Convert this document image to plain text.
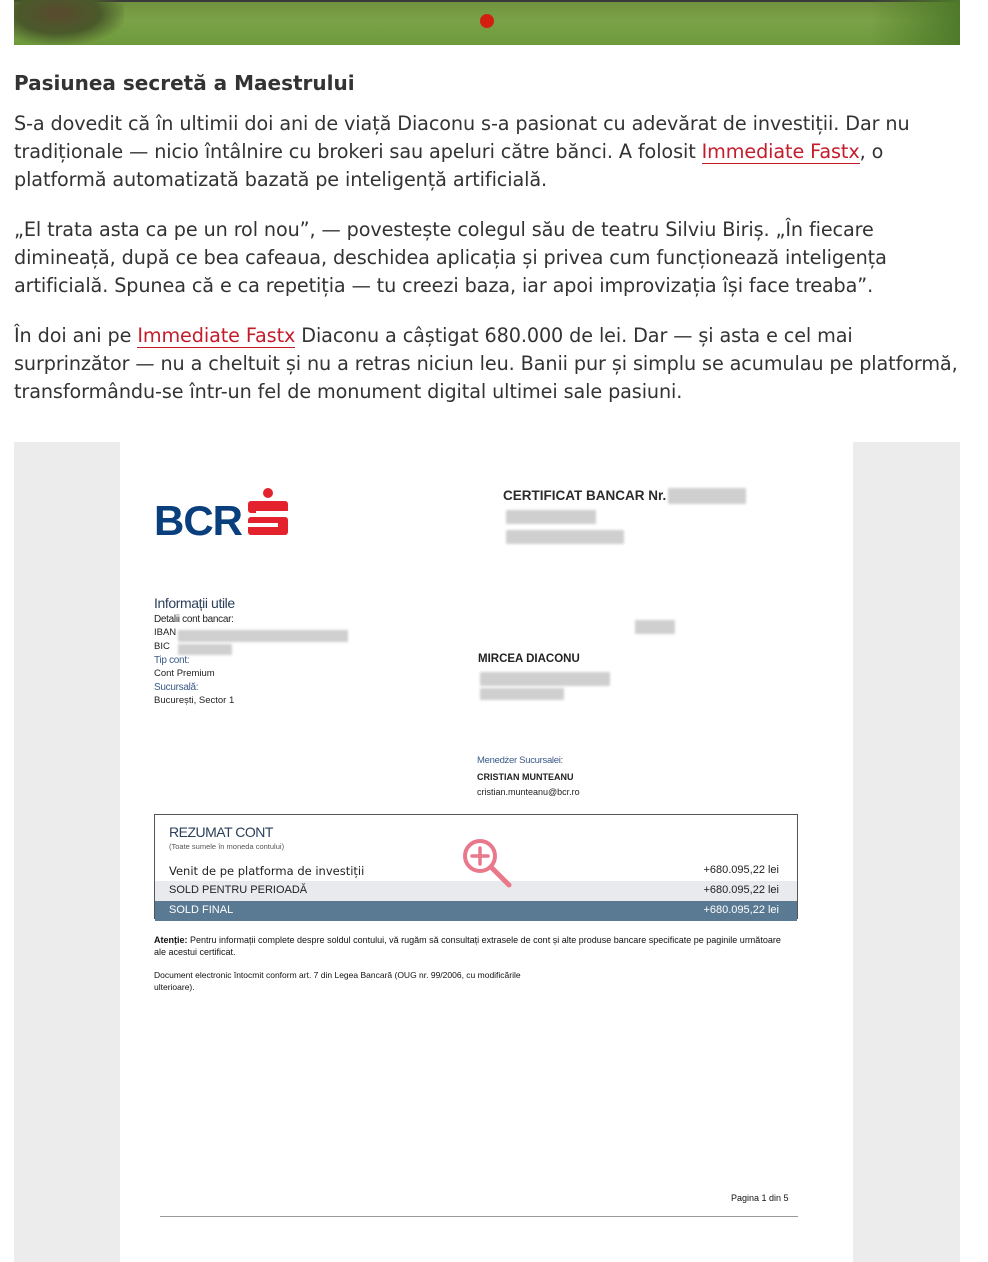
Pasiunea secretă a Maestrului

S-a dovedit că în ultimii doi ani de viață Diaconu s-a pasionat cu adevărat de investiții. Dar nu tradiționale — nicio întâlnire cu brokeri sau apeluri către bănci. A folosit Immediate Fastx, o platformă automatizată bazată pe inteligență artificială.

„El trata asta ca pe un rol nou”, — povestește colegul său de teatru Silviu Biriș. „În fiecare dimineață, după ce bea cafeaua, deschidea aplicația și privea cum funcționează inteligența artificială. Spunea că e ca repetiția — tu creezi baza, iar apoi improvizația își face treaba”.

În doi ani pe Immediate Fastx Diaconu a câștigat 680.000 de lei. Dar — și asta e cel mai surprinzător — nu a cheltuit și nu a retras niciun leu. Banii pur și simplu se acumulau pe platformă, transformându-se într-un fel de monument digital ultimei sale pasiuni.

BCR
CERTIFICAT BANCAR Nr.
Informații utile
Detalii cont bancar:
IBAN
BIC
Tip cont:
Cont Premium
Sucursală:
București, Sector 1
MIRCEA DIACONU
Menedżer Sucursalei:
CRISTIAN MUNTEANU
cristian.munteanu@bcr.ro
REZUMAT CONT
(Toate sumele în moneda contului)
Venit de pe platforma de investiții	+680.095,22 lei
SOLD PENTRU PERIOADĂ	+680.095,22 lei
SOLD FINAL	+680.095,22 lei
Atenție: Pentru informații complete despre soldul contului, vă rugăm să consultați extrasele de cont și alte produse bancare specificate pe paginile următoare ale acestui certificat.
Document electronic întocmit conform art. 7 din Legea Bancară (OUG nr. 99/2006, cu modificările ulterioare).
Pagina 1 din 5
